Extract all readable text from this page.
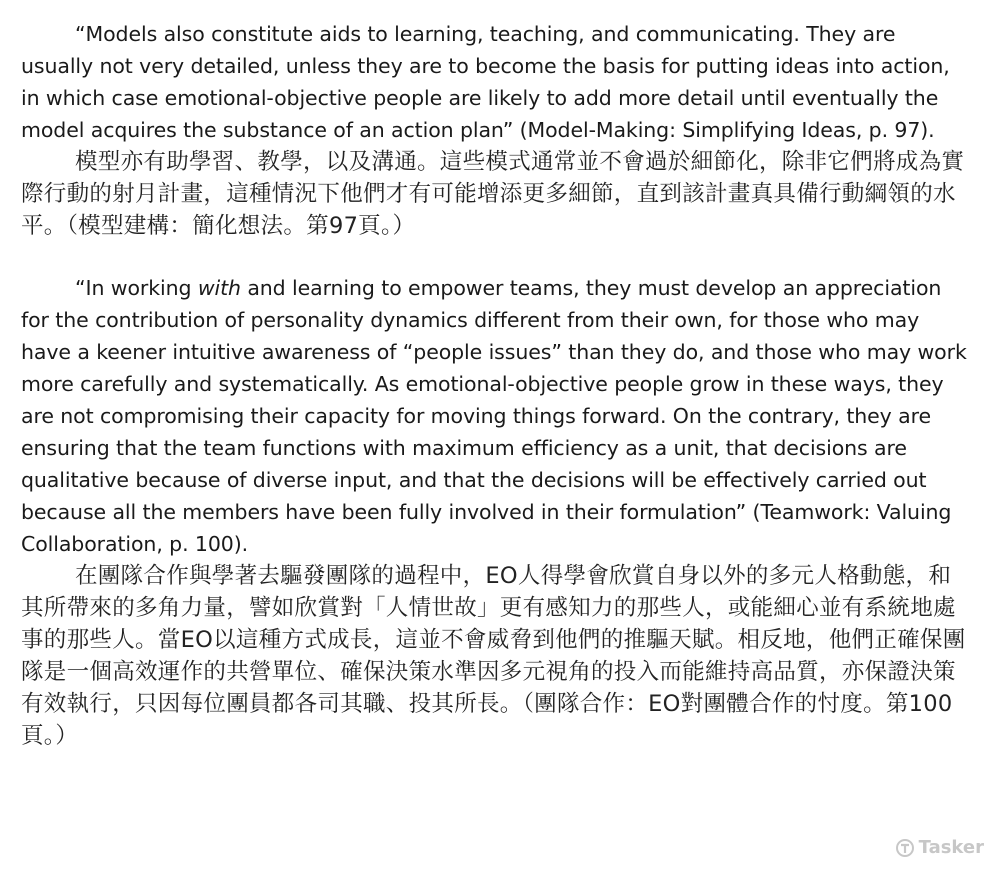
“Models also constitute aids to learning, teaching, and communicating. They are usually not very detailed, unless they are to become the basis for putting ideas into action, in which case emotional-objective people are likely to add more detail until eventually the model acquires the substance of an action plan” (Model-Making: Simplifying Ideas, p. 97).

模型亦有助學習、教學，以及溝通。這些模式通常並不會過於細節化，除非它們將成為實際行動的射月計畫，這種情況下他們才有可能增添更多細節，直到該計畫真具備行動綱領的水平。（模型建構：簡化想法。第97頁。）

“In working with and learning to empower teams, they must develop an appreciation for the contribution of personality dynamics different from their own, for those who may have a keener intuitive awareness of “people issues” than they do, and those who may work more carefully and systematically. As emotional-objective people grow in these ways, they are not compromising their capacity for moving things forward. On the contrary, they are ensuring that the team functions with maximum efficiency as a unit, that decisions are qualitative because of diverse input, and that the decisions will be effectively carried out because all the members have been fully involved in their formulation” (Teamwork: Valuing Collaboration, p. 100).

在團隊合作與學著去驅發團隊的過程中，EO人得學會欣賞自身以外的多元人格動態，和其所帶來的多角力量，譬如欣賞對「人情世故」更有感知力的那些人，或能細心並有系統地處事的那些人。當EO以這種方式成長，這並不會威脅到他們的推驅天賦。相反地，他們正確保團隊是一個高效運作的共營單位、確保決策水準因多元視角的投入而能維持高品質，亦保證決策有效執行，只因每位團員都各司其職、投其所長。（團隊合作：EO對團體合作的忖度。第100頁。）

Tasker
